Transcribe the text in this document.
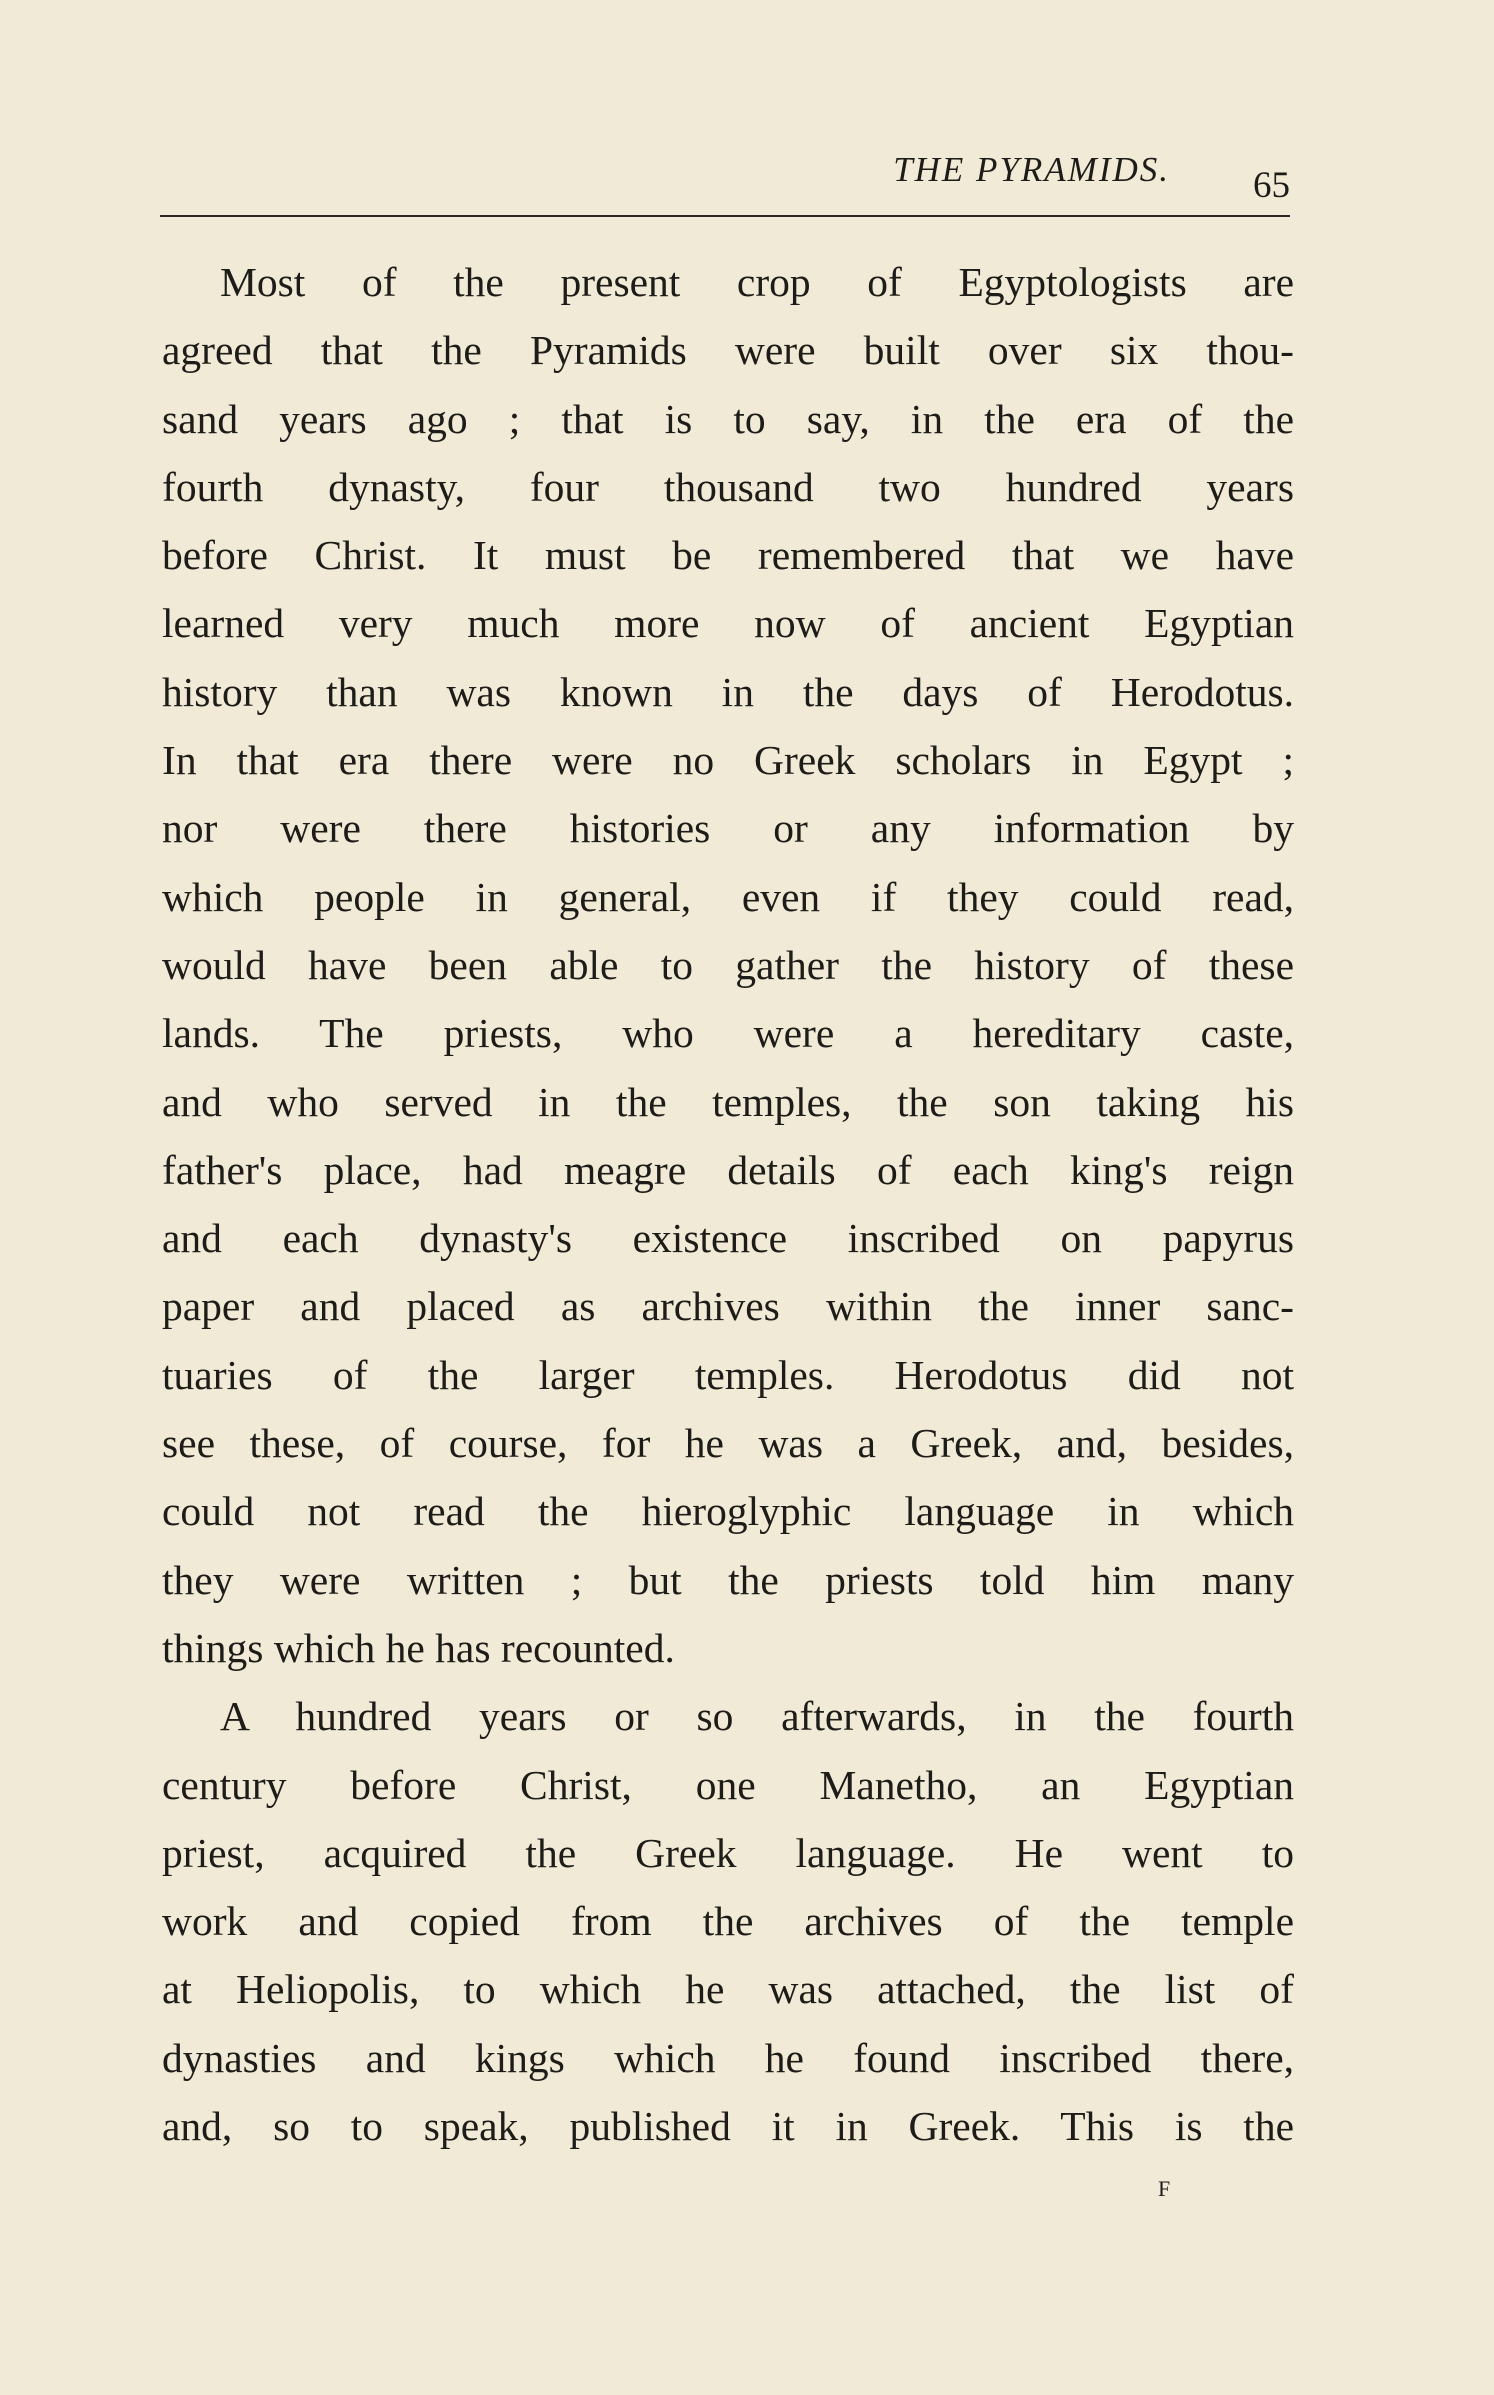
THE PYRAMIDS. 65
Most of the present crop of Egyptologists are
agreed that the Pyramids were built over six thou-
sand years ago ; that is to say, in the era of the
fourth dynasty, four thousand two hundred years
before Christ. It must be remembered that we have
learned very much more now of ancient Egyptian
history than was known in the days of Herodotus.
In that era there were no Greek scholars in Egypt ;
nor were there histories or any information by
which people in general, even if they could read,
would have been able to gather the history of these
lands. The priests, who were a hereditary caste,
and who served in the temples, the son taking his
father's place, had meagre details of each king's reign
and each dynasty's existence inscribed on papyrus
paper and placed as archives within the inner sanc-
tuaries of the larger temples. Herodotus did not
see these, of course, for he was a Greek, and, besides,
could not read the hieroglyphic language in which
they were written ; but the priests told him many
things which he has recounted.
A hundred years or so afterwards, in the fourth
century before Christ, one Manetho, an Egyptian
priest, acquired the Greek language. He went to
work and copied from the archives of the temple
at Heliopolis, to which he was attached, the list of
dynasties and kings which he found inscribed there,
and, so to speak, published it in Greek. This is the
F
